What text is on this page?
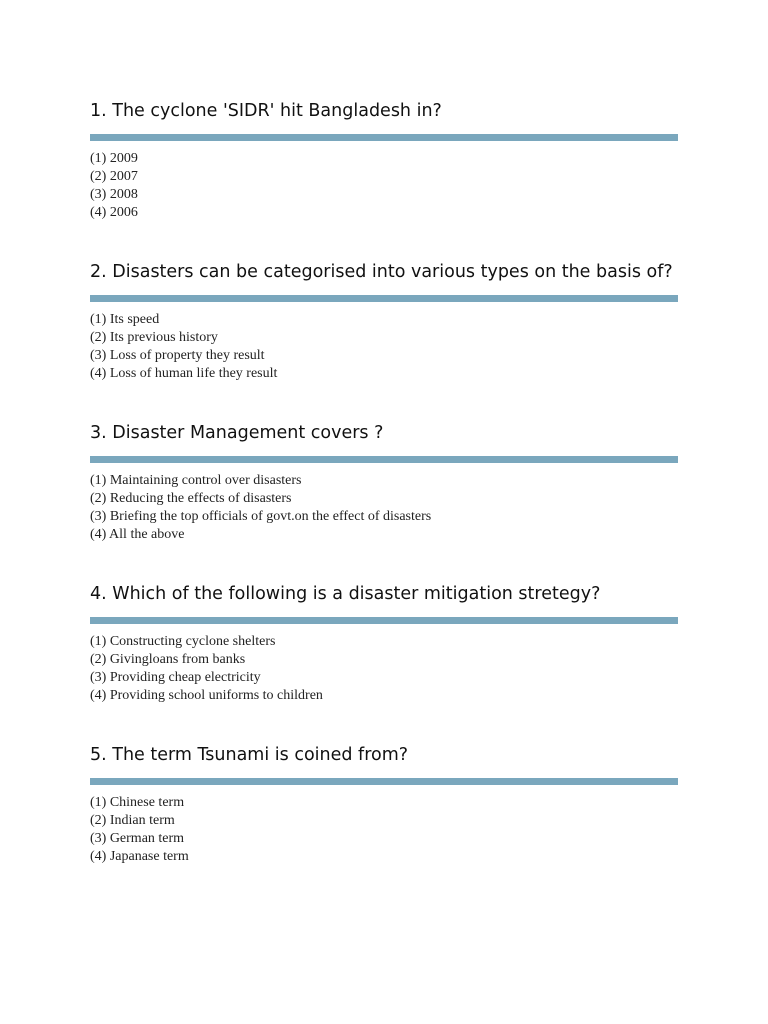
1. The cyclone 'SIDR' hit Bangladesh in?
(1) 2009
(2) 2007
(3) 2008
(4) 2006
2. Disasters can be categorised into various types on the basis of?
(1) Its speed
(2) Its previous history
(3) Loss of property they result
(4) Loss of human life they result
3. Disaster Management covers ?
(1) Maintaining control over disasters
(2) Reducing the effects of disasters
(3) Briefing the top officials of govt.on the effect of disasters
(4) All the above
4. Which of the following is a disaster mitigation stretegy?
(1) Constructing cyclone shelters
(2) Givingloans from banks
(3) Providing cheap electricity
(4) Providing school uniforms to children
5. The term Tsunami is coined from?
(1) Chinese term
(2) Indian term
(3) German term
(4) Japanase term
